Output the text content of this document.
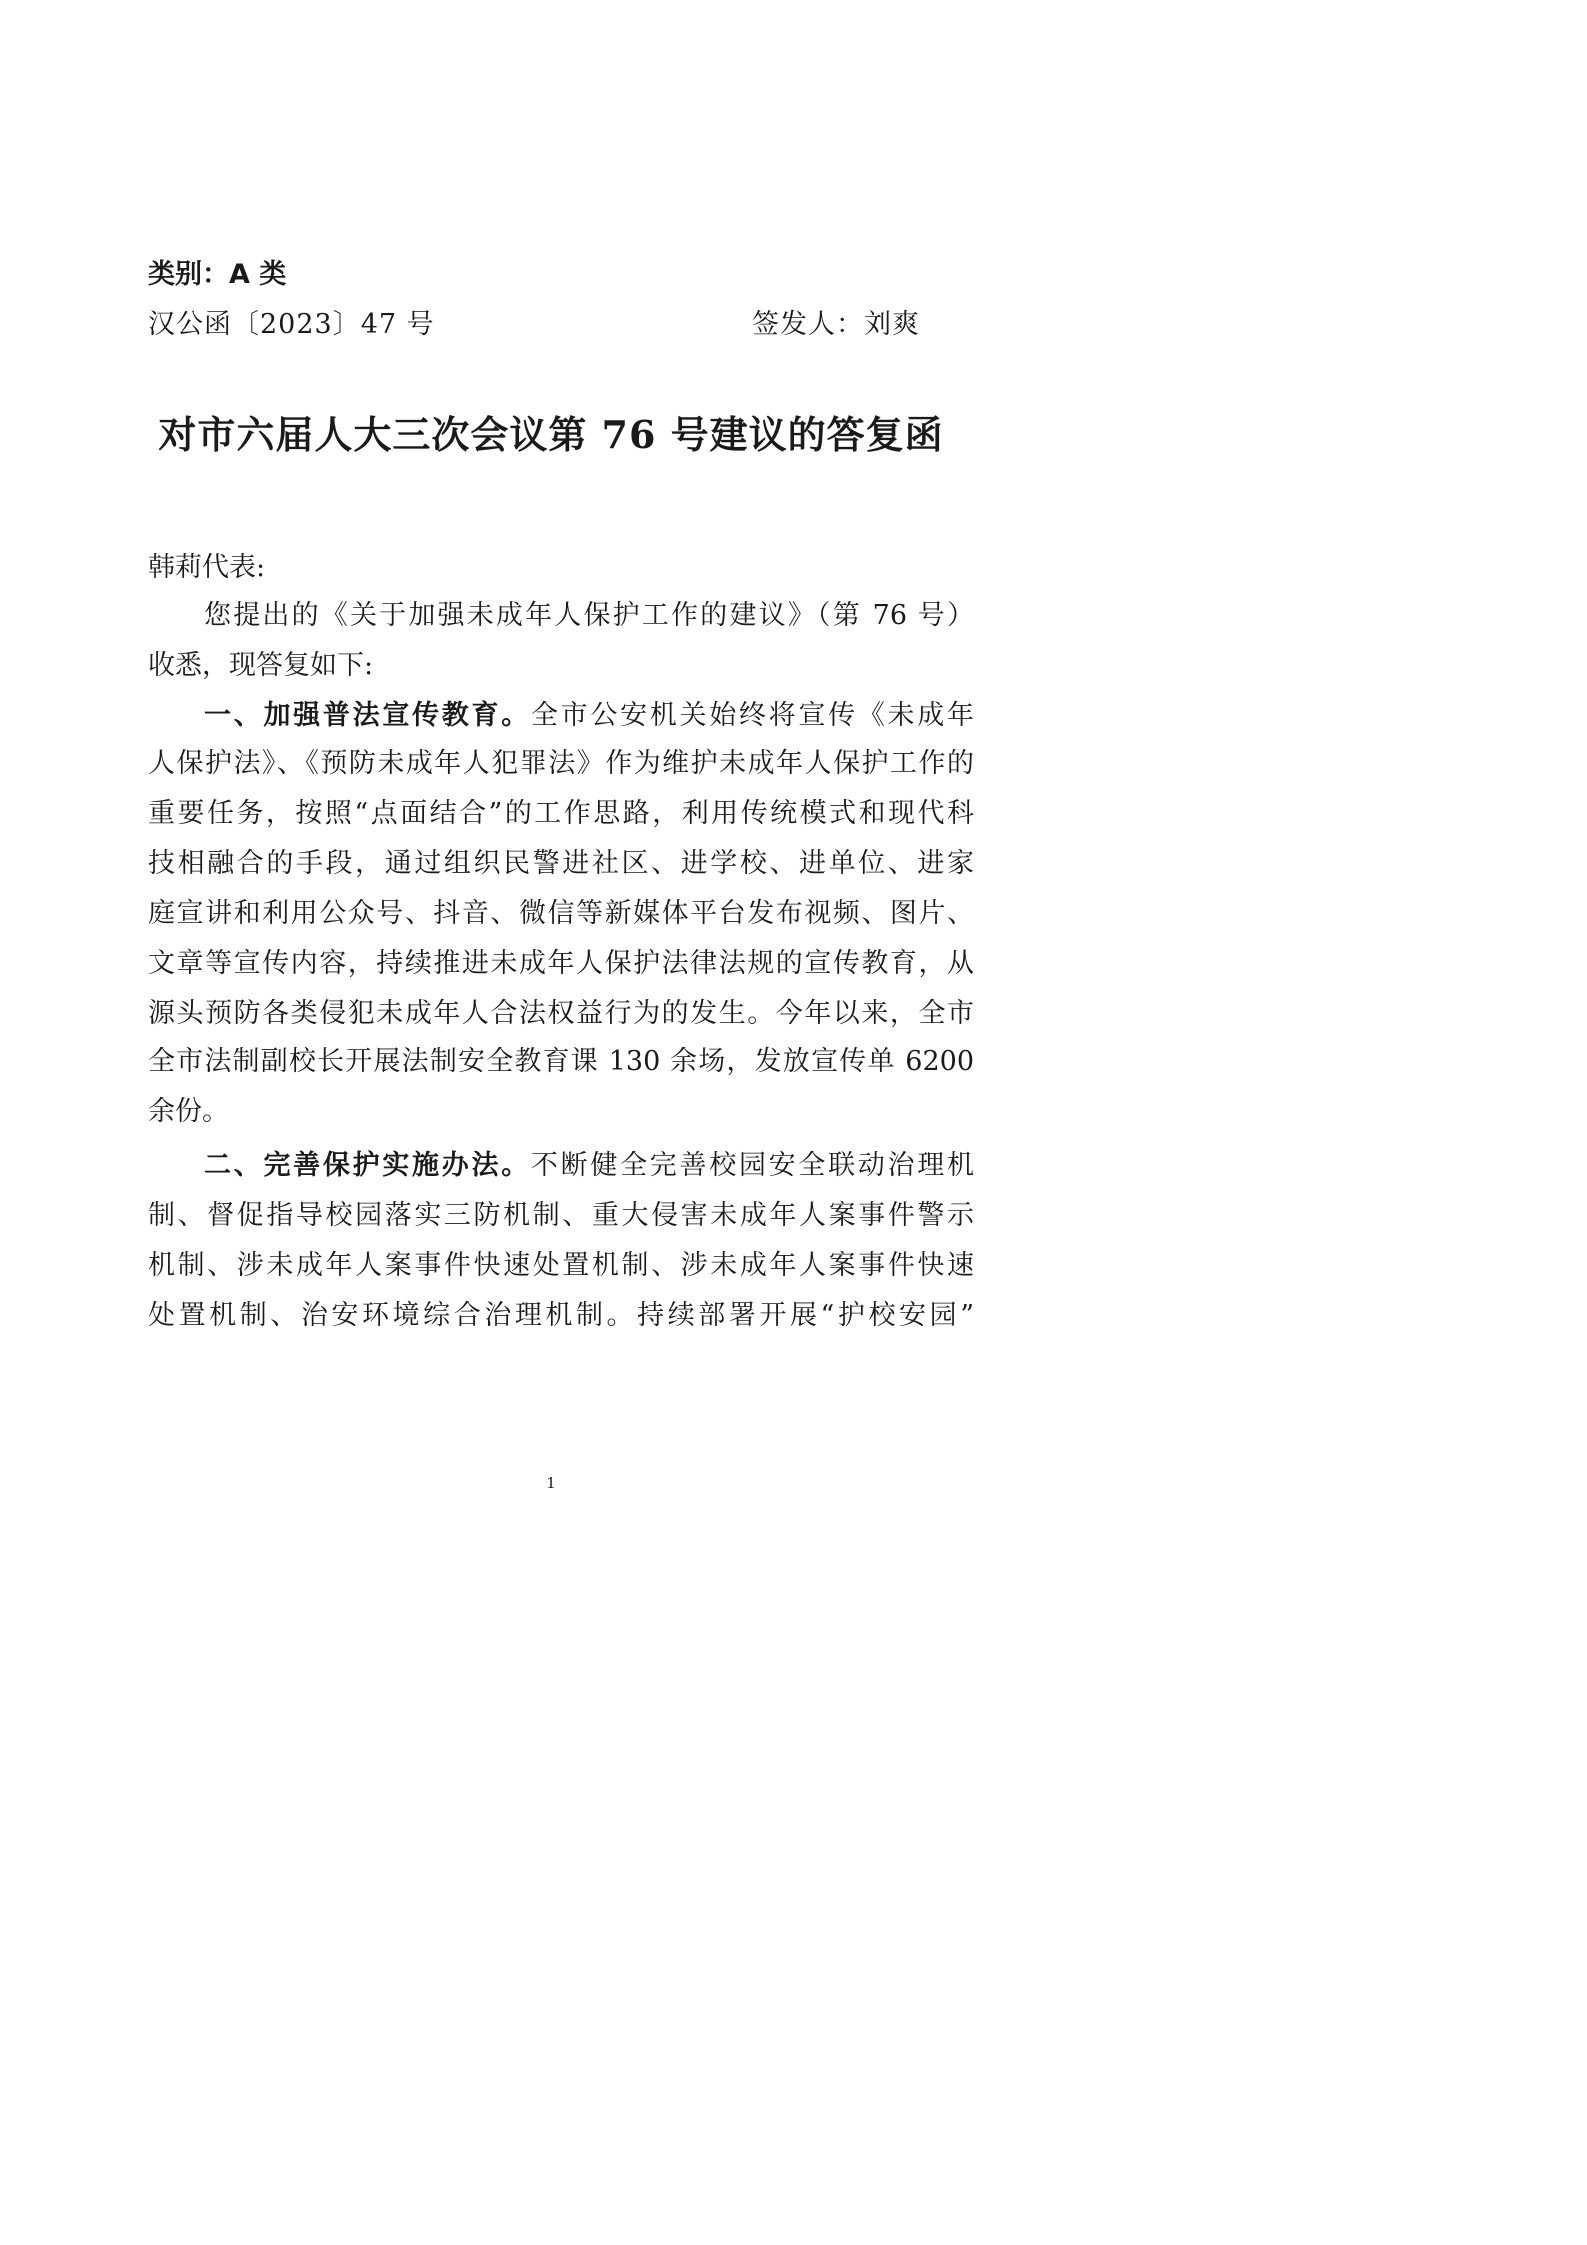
类别：A 类
汉公函〔2023〕47 号	签发人：刘爽
对市六届人大三次会议第 76 号建议的答复函
韩莉代表:
您提出的《关于加强未成年人保护工作的建议》（第 76 号）
收悉，现答复如下:
一、加强普法宣传教育。全市公安机关始终将宣传《未成年
人保护法》、《预防未成年人犯罪法》作为维护未成年人保护工作的
重要任务，按照“点面结合”的工作思路，利用传统模式和现代科
技相融合的手段，通过组织民警进社区、进学校、进单位、进家
庭宣讲和利用公众号、抖音、微信等新媒体平台发布视频、图片、
文章等宣传内容，持续推进未成年人保护法律法规的宣传教育，从
源头预防各类侵犯未成年人合法权益行为的发生。今年以来，全市
全市法制副校长开展法制安全教育课 130 余场，发放宣传单 6200
余份。
二、完善保护实施办法。不断健全完善校园安全联动治理机
制、督促指导校园落实三防机制、重大侵害未成年人案事件警示
机制、涉未成年人案事件快速处置机制、涉未成年人案事件快速
处置机制、治安环境综合治理机制。持续部署开展“护校安园”
1
